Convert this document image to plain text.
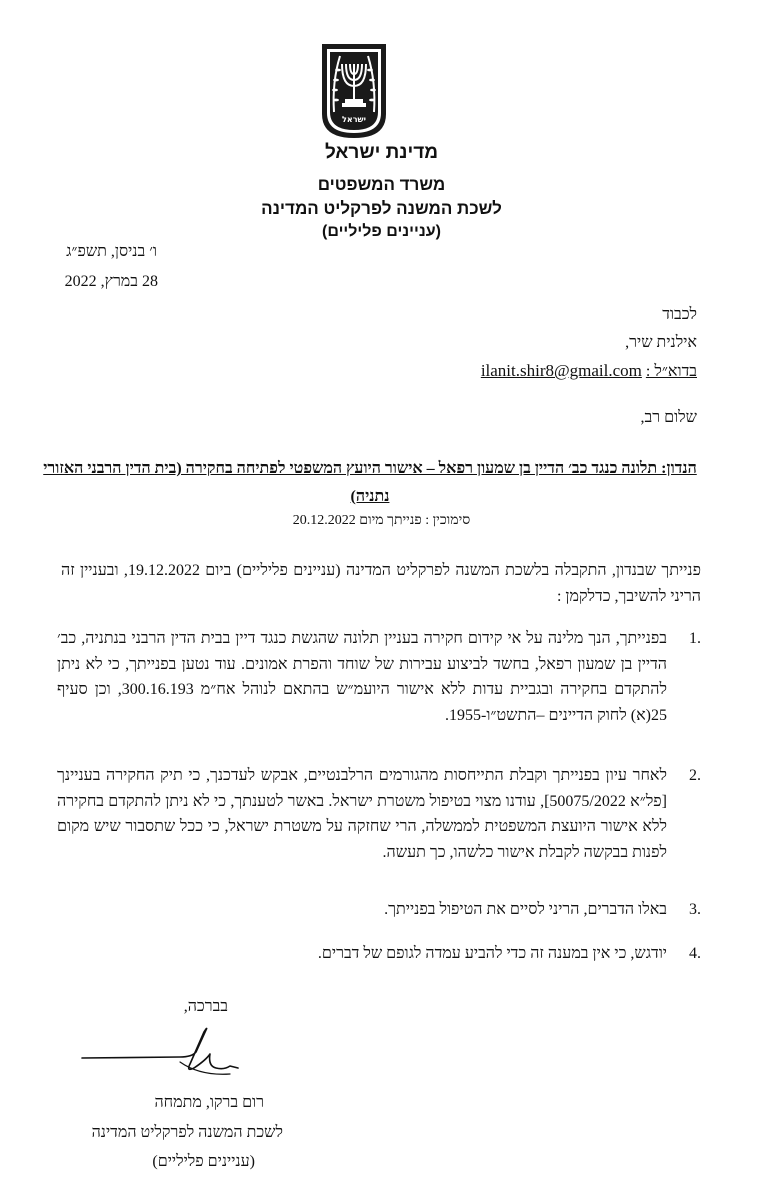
ישראל
מדינת ישראל
משרד המשפטים
לשכת המשנה לפרקליט המדינה
(עניינים פליליים)
ו׳ בניסן, תשפ״ג
28 במרץ, 2022
לכבוד
אילנית שיר,
בדוא״ל : ilanit.shir8@gmail.com
שלום רב,
הנדון: תלונה כנגד כב׳ הדיין בן שמעון רפאל – אישור היועץ המשפטי לפתיחה בחקירה (בית הדין הרבני האזורי נתניה)
סימוכין : פנייתך מיום 20.12.2022
פנייתך שבנדון, התקבלה בלשכת המשנה לפרקליט המדינה (עניינים פליליים) ביום 19.12.2022, ובעניין זה הריני להשיבך, כדלקמן :
.1
בפנייתך, הנך מלינה על אי קידום חקירה בעניין תלונה שהגשת כנגד דיין בבית הדין הרבני בנתניה, כב׳ הדיין בן שמעון רפאל, בחשד לביצוע עבירות של שוחד והפרת אמונים. עוד נטען בפנייתך, כי לא ניתן להתקדם בחקירה ובגביית עדות ללא אישור היועמ״ש בהתאם לנוהל אח״מ 300.16.193, וכן סעיף 25(א) לחוק הדיינים –התשט״ו-1955.
.2
לאחר עיון בפנייתך וקבלת התייחסות מהגורמים הרלבנטיים, אבקש לעדכנך, כי תיק החקירה בעניינך [פל״א 50075/2022], עודנו מצוי בטיפול משטרת ישראל. באשר לטענתך, כי לא ניתן להתקדם בחקירה ללא אישור היועצת המשפטית לממשלה, הרי שחזקה על משטרת ישראל, כי ככל שתסבור שיש מקום לפנות בבקשה לקבלת אישור כלשהו, כך תעשה.
.3
באלו הדברים, הריני לסיים את הטיפול בפנייתך.
.4
יודגש, כי אין במענה זה כדי להביע עמדה לגופם של דברים.
בברכה,
רום ברקו, מתמחה
לשכת המשנה לפרקליט המדינה
(עניינים פליליים)
